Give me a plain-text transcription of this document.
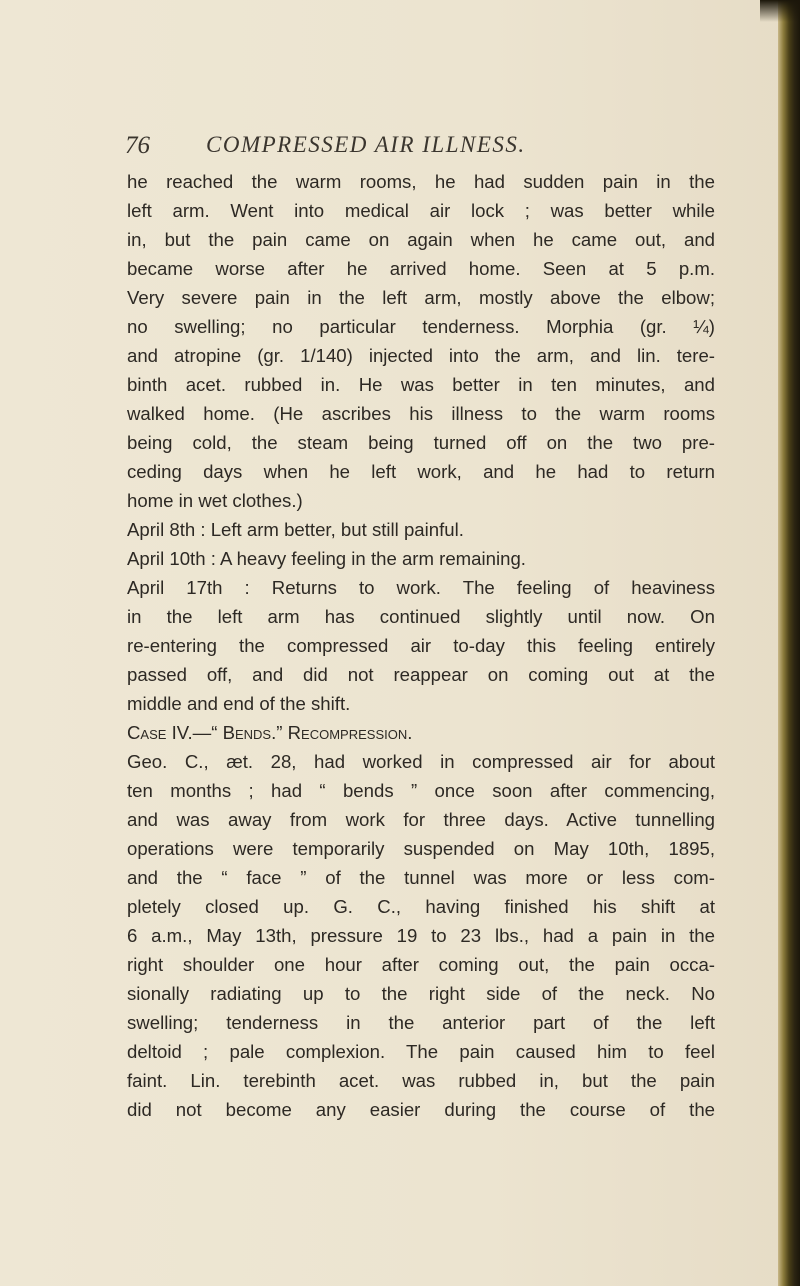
76 COMPRESSED AIR ILLNESS.
he reached the warm rooms, he had sudden pain in the
left arm. Went into medical air lock ; was better while
in, but the pain came on again when he came out, and
became worse after he arrived home. Seen at 5 p.m.
Very severe pain in the left arm, mostly above the elbow;
no swelling; no particular tenderness. Morphia (gr. ¼)
and atropine (gr. 1/140) injected into the arm, and lin. tere-
binth acet. rubbed in. He was better in ten minutes, and
walked home. (He ascribes his illness to the warm rooms
being cold, the steam being turned off on the two pre-
ceding days when he left work, and he had to return
home in wet clothes.)
April 8th : Left arm better, but still painful.
April 10th : A heavy feeling in the arm remaining.
April 17th : Returns to work. The feeling of heaviness
in the left arm has continued slightly until now. On
re-entering the compressed air to-day this feeling entirely
passed off, and did not reappear on coming out at the
middle and end of the shift.
Case IV.—“ Bends.” Recompression.
Geo. C., æt. 28, had worked in compressed air for about
ten months ; had “ bends ” once soon after commencing,
and was away from work for three days. Active tunnelling
operations were temporarily suspended on May 10th, 1895,
and the “ face ” of the tunnel was more or less com-
pletely closed up. G. C., having finished his shift at
6 a.m., May 13th, pressure 19 to 23 lbs., had a pain in the
right shoulder one hour after coming out, the pain occa-
sionally radiating up to the right side of the neck. No
swelling; tenderness in the anterior part of the left
deltoid ; pale complexion. The pain caused him to feel
faint. Lin. terebinth acet. was rubbed in, but the pain
did not become any easier during the course of the
